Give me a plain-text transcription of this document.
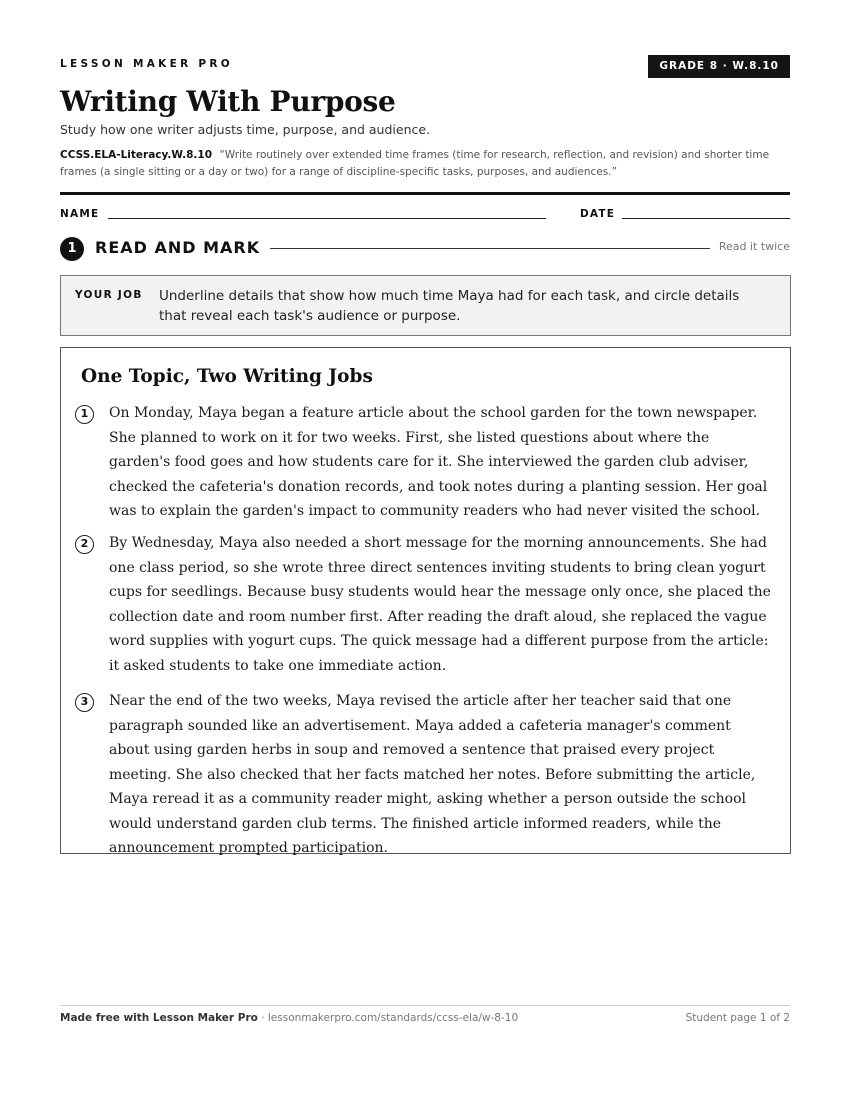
LESSON MAKER PRO	GRADE 8 · W.8.10
Writing With Purpose
Study how one writer adjusts time, purpose, and audience.
CCSS.ELA-Literacy.W.8.10 “Write routinely over extended time frames (time for research, reflection, and revision) and shorter time frames (a single sitting or a day or two) for a range of discipline-specific tasks, purposes, and audiences.”
NAME	DATE
1	READ AND MARK	Read it twice
YOUR JOB Underline details that show how much time Maya had for each task, and circle details that reveal each task's audience or purpose.
One Topic, Two Writing Jobs
1	On Monday, Maya began a feature article about the school garden for the town newspaper. She planned to work on it for two weeks. First, she listed questions about where the garden's food goes and how students care for it. She interviewed the garden club adviser, checked the cafeteria's donation records, and took notes during a planting session. Her goal was to explain the garden's impact to community readers who had never visited the school.
2	By Wednesday, Maya also needed a short message for the morning announcements. She had one class period, so she wrote three direct sentences inviting students to bring clean yogurt cups for seedlings. Because busy students would hear the message only once, she placed the collection date and room number first. After reading the draft aloud, she replaced the vague word supplies with yogurt cups. The quick message had a different purpose from the article: it asked students to take one immediate action.
3	Near the end of the two weeks, Maya revised the article after her teacher said that one paragraph sounded like an advertisement. Maya added a cafeteria manager's comment about using garden herbs in soup and removed a sentence that praised every project meeting. She also checked that her facts matched her notes. Before submitting the article, Maya reread it as a community reader might, asking whether a person outside the school would understand garden club terms. The finished article informed readers, while the announcement prompted participation.
Made free with Lesson Maker Pro · lessonmakerpro.com/standards/ccss-ela/w-8-10	Student page 1 of 2
